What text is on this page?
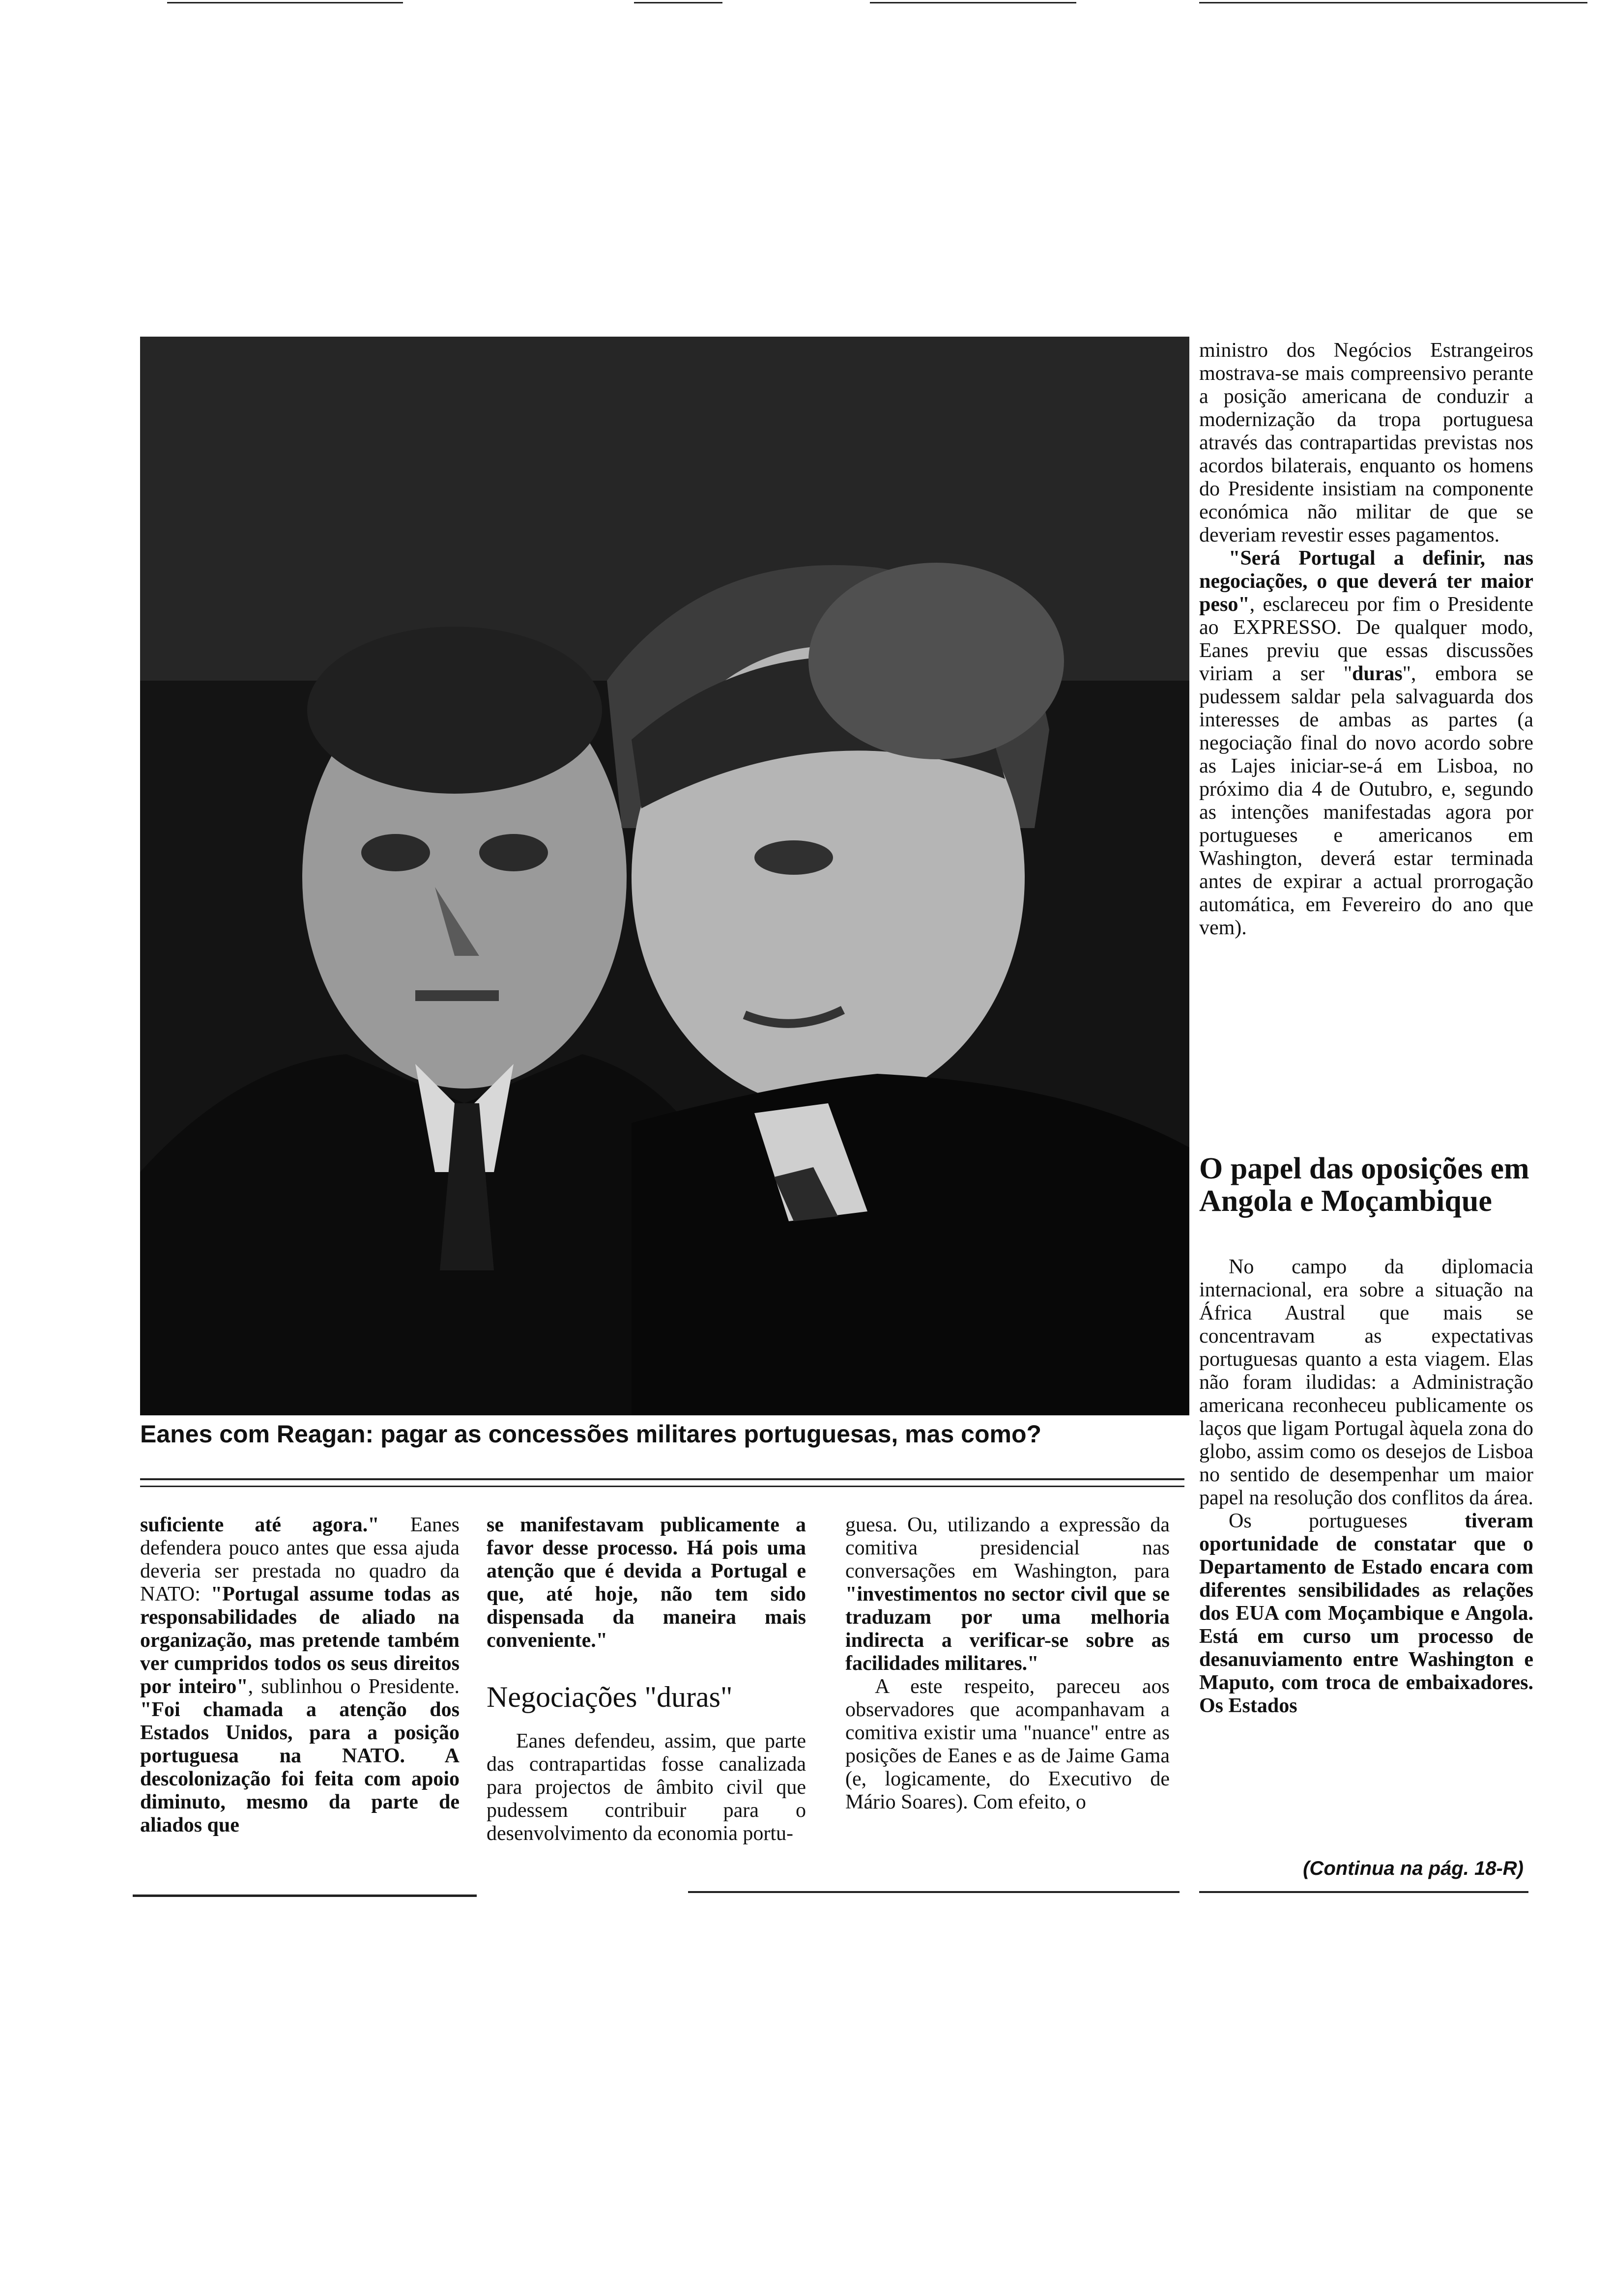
Eanes com Reagan: pagar as concessões militares portuguesas, mas como?

ministro dos Negócios Estrangeiros mostrava-se mais compreensivo perante a posição americana de conduzir a modernização da tropa portuguesa através das contrapartidas previstas nos acordos bilaterais, enquanto os homens do Presidente insistiam na componente económica não militar de que se deveriam revestir esses pagamentos.

"Será Portugal a definir, nas negociações, o que deverá ter maior peso", esclareceu por fim o Presidente ao EXPRESSO. De qualquer modo, Eanes previu que essas discussões viriam a ser "duras", embora se pudessem saldar pela salvaguarda dos interesses de ambas as partes (a negociação final do novo acordo sobre as Lajes iniciar-se-á em Lisboa, no próximo dia 4 de Outubro, e, segundo as intenções manifestadas agora por portugueses e americanos em Washington, deverá estar terminada antes de expirar a actual prorrogação automática, em Fevereiro do ano que vem).

O papel das oposições em Angola e Moçambique

No campo da diplomacia internacional, era sobre a situação na África Austral que mais se concentravam as expectativas portuguesas quanto a esta viagem. Elas não foram iludidas: a Administração americana reconheceu publicamente os laços que ligam Portugal àquela zona do globo, assim como os desejos de Lisboa no sentido de desempenhar um maior papel na resolução dos conflitos da área.

Os portugueses tiveram oportunidade de constatar que o Departamento de Estado encara com diferentes sensibilidades as relações dos EUA com Moçambique e Angola. Está em curso um processo de desanuviamento entre Washington e Maputo, com troca de embaixadores. Os Estados

(Continua na pág. 18-R)

suficiente até agora." Eanes defendera pouco antes que essa ajuda deveria ser prestada no quadro da NATO: "Portugal assume todas as responsabilidades de aliado na organização, mas pretende também ver cumpridos todos os seus direitos por inteiro", sublinhou o Presidente. "Foi chamada a atenção dos Estados Unidos, para a posição portuguesa na NATO. A descolonização foi feita com apoio diminuto, mesmo da parte de aliados que

se manifestavam publicamente a favor desse processo. Há pois uma atenção que é devida a Portugal e que, até hoje, não tem sido dispensada da maneira mais conveniente."

Negociações "duras"

Eanes defendeu, assim, que parte das contrapartidas fosse canalizada para projectos de âmbito civil que pudessem contribuir para o desenvolvimento da economia portu-

guesa. Ou, utilizando a expressão da comitiva presidencial nas conversações em Washington, para "investimentos no sector civil que se traduzam por uma melhoria indirecta a verificar-se sobre as facilidades militares."

A este respeito, pareceu aos observadores que acompanhavam a comitiva existir uma "nuance" entre as posições de Eanes e as de Jaime Gama (e, logicamente, do Executivo de Mário Soares). Com efeito, o
